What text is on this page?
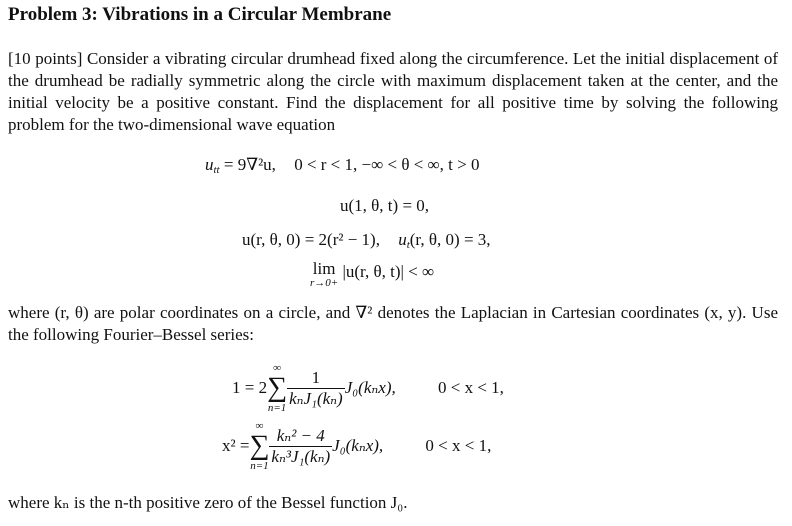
Problem 3: Vibrations in a Circular Membrane
[10 points] Consider a vibrating circular drumhead fixed along the circumference. Let the initial displacement of the drumhead be radially symmetric along the circle with maximum displacement taken at the center, and the initial velocity be a positive constant. Find the displacement for all positive time by solving the following problem for the two-dimensional wave equation
$u_{tt} = 9\nabla^2u$, 0 < r < 1, −∞ < θ < ∞, t > 0
u(1, θ, t) = 0,
u(r, θ, 0) = 2(r² − 1), $u_t(r$, θ, 0) = 3,
lim
r→0+
|u(r, θ, t)| < ∞
where (r, θ) are polar coordinates on a circle, and ∇² denotes the Laplacian in Cartesian coordinates (x, y). Use the following Fourier–Bessel series:
1 = 2
∞
∑
$n=1 \frac{1}{\text{kₙJ₁(kₙ)}} J_0(k_nx)$, 0 < x < 1,
x² =
∞
∑
$n=1 \frac{\text{kₙ² − 4}}{\text{kₙ³J₁(kₙ)}} J_0(k_nx)$, 0 < x < 1,
where kₙ is the n-th positive zero of the Bessel function J₀.
